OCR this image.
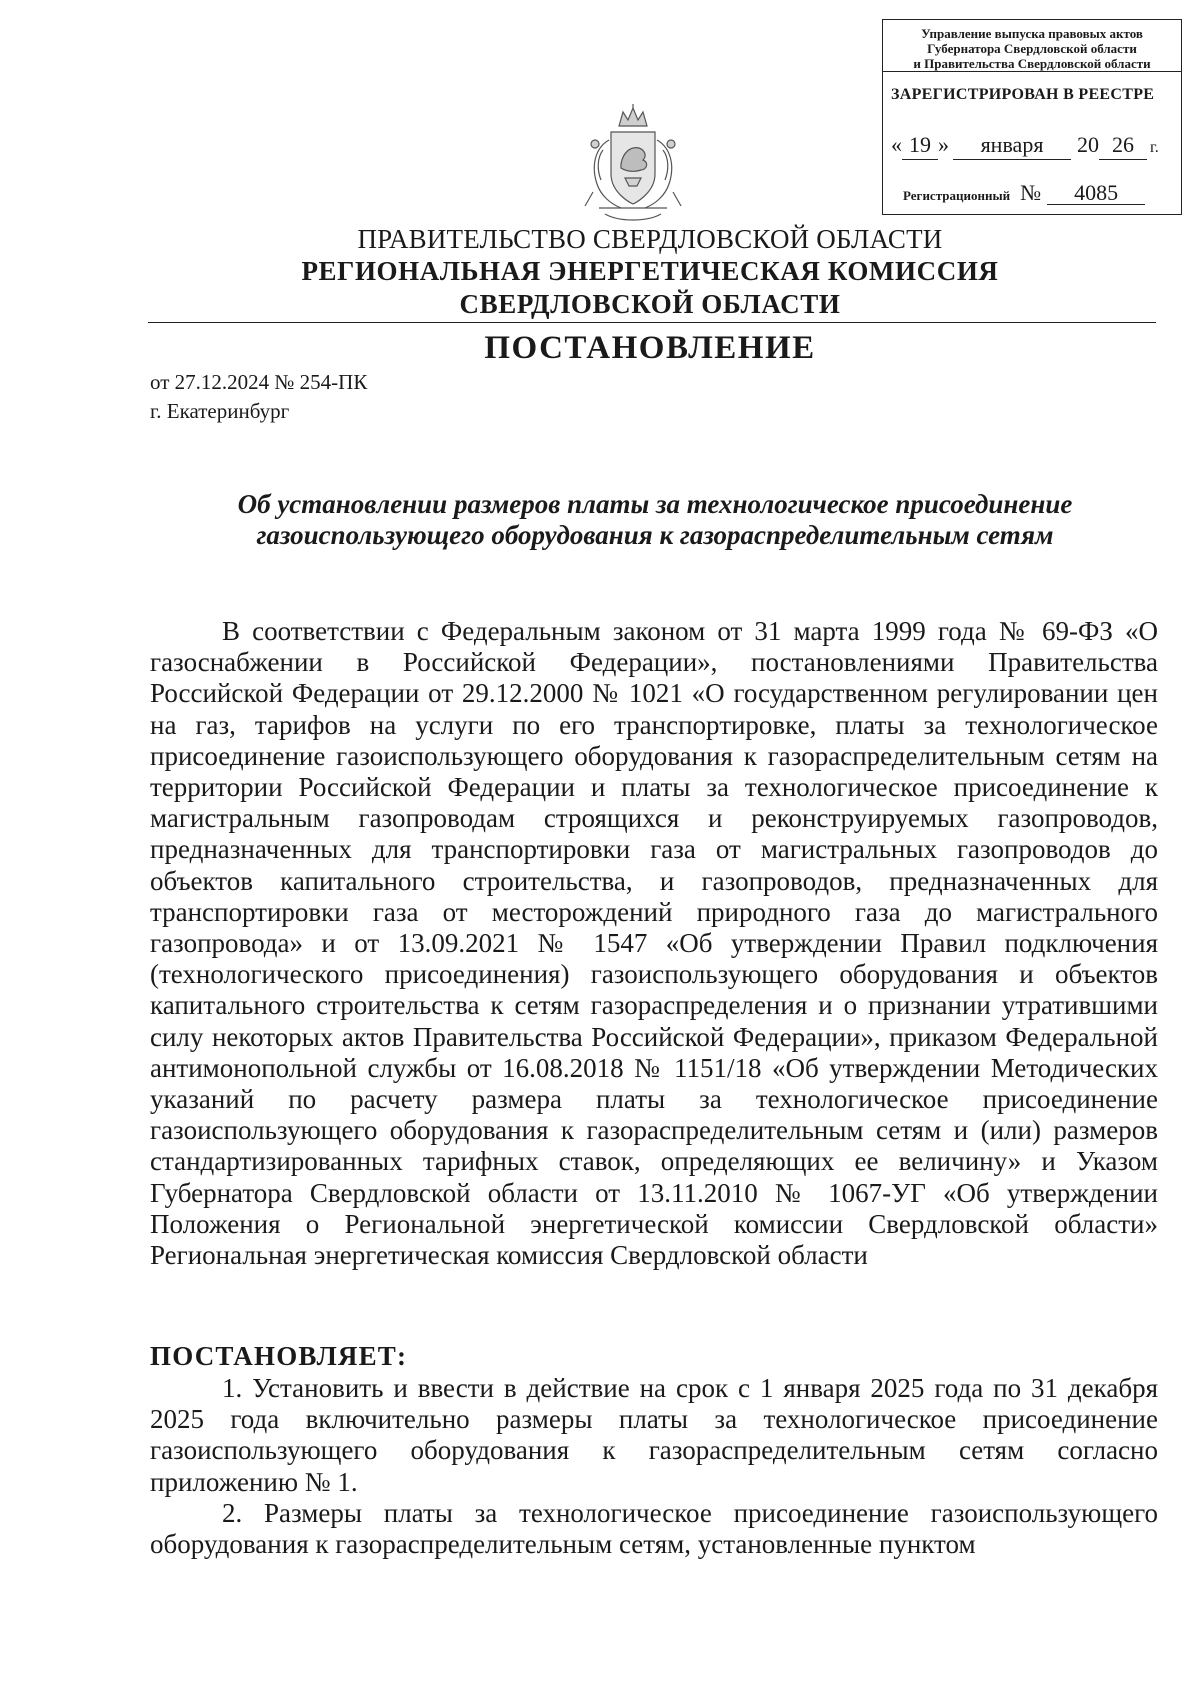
Управление выпуска правовых актов
Губернатора Свердловской области
и Правительства Свердловской области
ЗАРЕГИСТРИРОВАН В РЕЕСТРЕ
« 19 » января 20 26 г.
Регистрационный № 4085
ПРАВИТЕЛЬСТВО СВЕРДЛОВСКОЙ ОБЛАСТИ
РЕГИОНАЛЬНАЯ ЭНЕРГЕТИЧЕСКАЯ КОМИССИЯ
СВЕРДЛОВСКОЙ ОБЛАСТИ
ПОСТАНОВЛЕНИЕ
от 27.12.2024 № 254-ПК
г. Екатеринбург
Об установлении размеров платы за технологическое присоединение
газоиспользующего оборудования к газораспределительным сетям

В соответствии с Федеральным законом от 31 марта 1999 года № 69-ФЗ «О газоснабжении в Российской Федерации», постановлениями Правительства Российской Федерации от 29.12.2000 № 1021 «О государственном регулировании цен на газ, тарифов на услуги по его транспортировке, платы за технологическое присоединение газоиспользующего оборудования к газораспределительным сетям на территории Российской Федерации и платы за технологическое присоединение к магистральным газопроводам строящихся и реконструируемых газопроводов, предназначенных для транспортировки газа от магистральных газопроводов до объектов капитального строительства, и газопроводов, предназначенных для транспортировки газа от месторождений природного газа до магистрального газопровода» и от 13.09.2021 № 1547 «Об утверждении Правил подключения (технологического присоединения) газоиспользующего оборудования и объектов капитального строительства к сетям газораспределения и о признании утратившими силу некоторых актов Правительства Российской Федерации», приказом Федеральной антимонопольной службы от 16.08.2018 № 1151/18 «Об утверждении Методических указаний по расчету размера платы за технологическое присоединение газоиспользующего оборудования к газораспределительным сетям и (или) размеров стандартизированных тарифных ставок, определяющих ее величину» и Указом Губернатора Свердловской области от 13.11.2010 № 1067-УГ «Об утверждении Положения о Региональной энергетической комиссии Свердловской области» Региональная энергетическая комиссия Свердловской области

ПОСТАНОВЛЯЕТ:

1. Установить и ввести в действие на срок с 1 января 2025 года по 31 декабря 2025 года включительно размеры платы за технологическое присоединение газоиспользующего оборудования к газораспределительным сетям согласно приложению № 1.

2. Размеры платы за технологическое присоединение газоиспользующего оборудования к газораспределительным сетям, установленные пунктом
